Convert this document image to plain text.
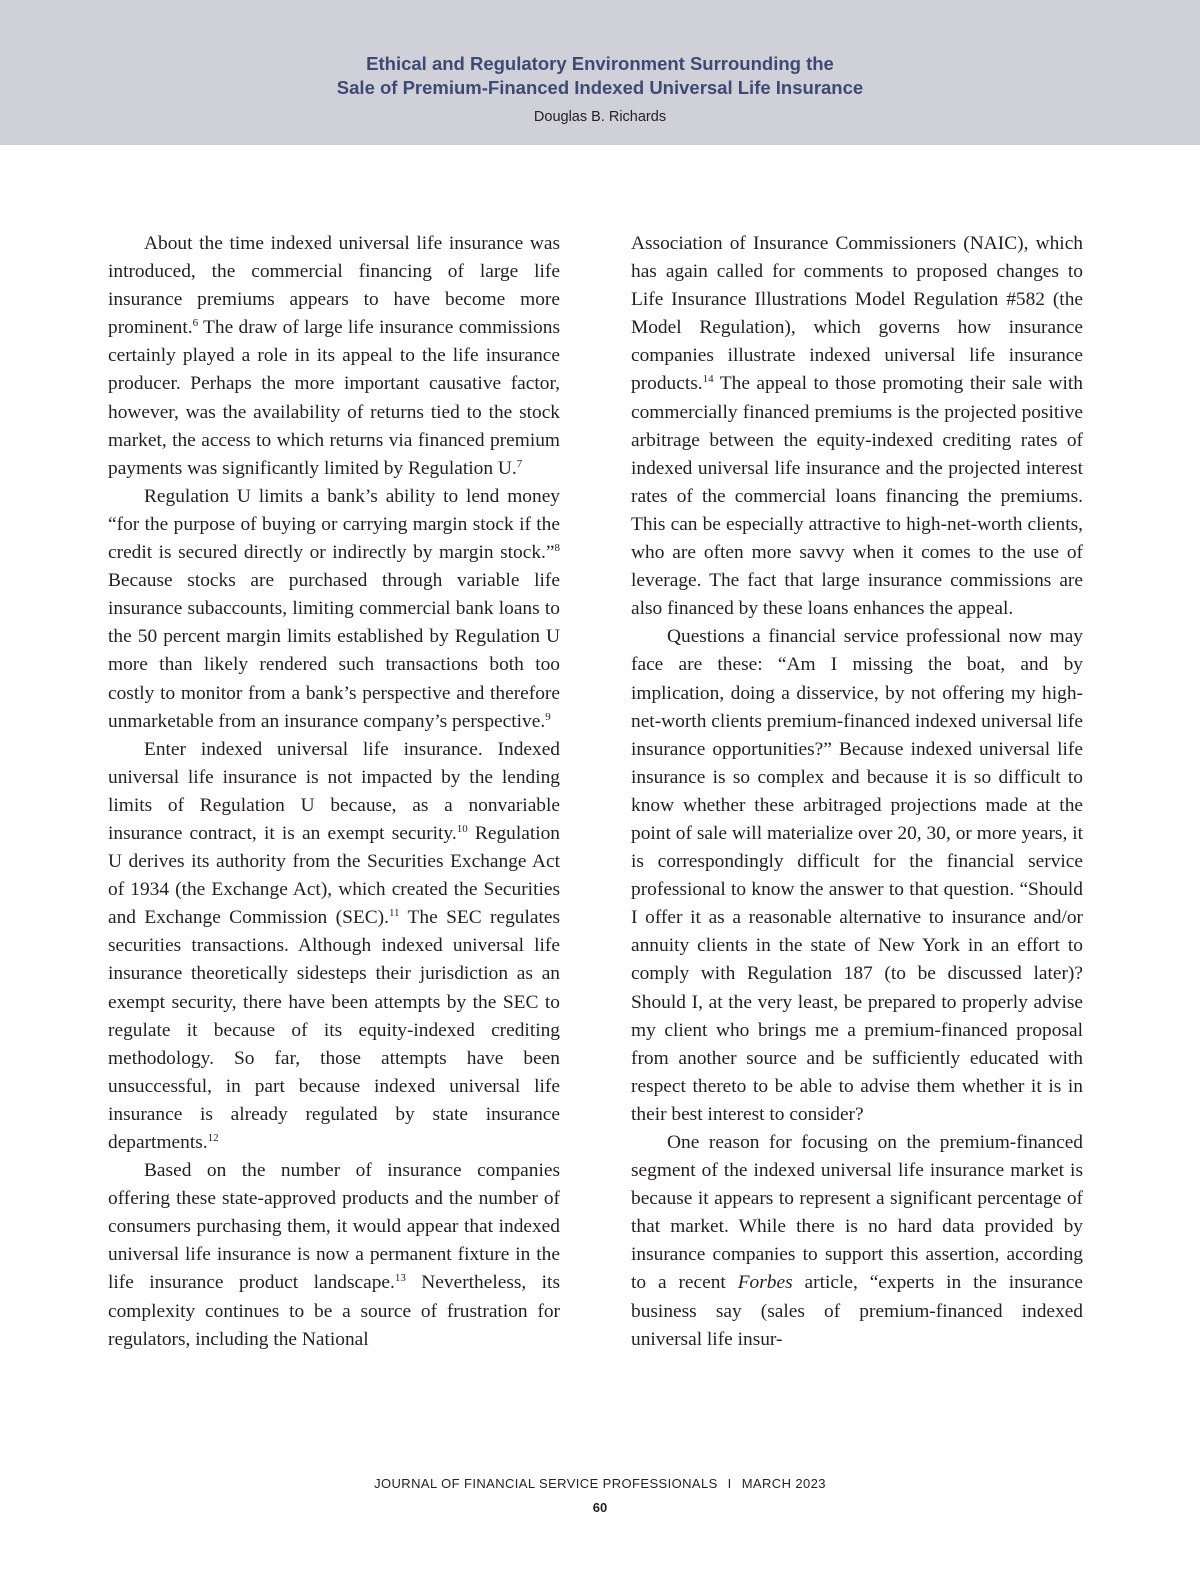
Ethical and Regulatory Environment Surrounding the
Sale of Premium-Financed Indexed Universal Life Insurance
Douglas B. Richards

About the time indexed universal life insurance was introduced, the commercial financing of large life insurance premiums appears to have become more prominent.$^6$ The draw of large life insurance commissions certainly played a role in its appeal to the life insurance producer. Perhaps the more important causative factor, however, was the availability of returns tied to the stock market, the access to which returns via financed premium payments was significantly limited by Regulation U.$^7$

Regulation U limits a bank’s ability to lend money “for the purpose of buying or carrying margin stock if the credit is secured directly or indirectly by margin stock.”$^8$ Because stocks are purchased through variable life insurance subaccounts, limiting commercial bank loans to the 50 percent margin limits established by Regulation U more than likely rendered such transactions both too costly to monitor from a bank’s perspective and therefore unmarketable from an insurance company’s perspective.$^9$

Enter indexed universal life insurance. Indexed universal life insurance is not impacted by the lending limits of Regulation U because, as a nonvariable insurance contract, it is an exempt security.$^{10}$ Regulation U derives its authority from the Securities Exchange Act of 1934 (the Exchange Act), which created the Securities and Exchange Commission (SEC).$^{11}$ The SEC regulates securities transactions. Although indexed universal life insurance theoretically sidesteps their jurisdiction as an exempt security, there have been attempts by the SEC to regulate it because of its equity-indexed crediting methodology. So far, those attempts have been unsuccessful, in part because indexed universal life insurance is already regulated by state insurance departments.$^{12}$

Based on the number of insurance companies offering these state-approved products and the number of consumers purchasing them, it would appear that indexed universal life insurance is now a permanent fixture in the life insurance product landscape.$^{13}$ Nevertheless, its complexity continues to be a source of frustration for regulators, including the National

Association of Insurance Commissioners (NAIC), which has again called for comments to proposed changes to Life Insurance Illustrations Model Regulation #582 (the Model Regulation), which governs how insurance companies illustrate indexed universal life insurance products.$^{14}$ The appeal to those promoting their sale with commercially financed premiums is the projected positive arbitrage between the equity-indexed crediting rates of indexed universal life insurance and the projected interest rates of the commercial loans financing the premiums. This can be especially attractive to high-net-worth clients, who are often more savvy when it comes to the use of leverage. The fact that large insurance commissions are also financed by these loans enhances the appeal.

Questions a financial service professional now may face are these: “Am I missing the boat, and by implication, doing a disservice, by not offering my high-net-worth clients premium-financed indexed universal life insurance opportunities?” Because indexed universal life insurance is so complex and because it is so difficult to know whether these arbitraged projections made at the point of sale will materialize over 20, 30, or more years, it is correspondingly difficult for the financial service professional to know the answer to that question. “Should I offer it as a reasonable alternative to insurance and/or annuity clients in the state of New York in an effort to comply with Regulation 187 (to be discussed later)? Should I, at the very least, be prepared to properly advise my client who brings me a premium-financed proposal from another source and be sufficiently educated with respect thereto to be able to advise them whether it is in their best interest to consider?

One reason for focusing on the premium-financed segment of the indexed universal life insurance market is because it appears to represent a significant percentage of that market. While there is no hard data provided by insurance companies to support this assertion, according to a recent Forbes article, “experts in the insurance business say (sales of premium-financed indexed universal life insur-

JOURNAL OF FINANCIAL SERVICE PROFESSIONALS I MARCH 2023
60
